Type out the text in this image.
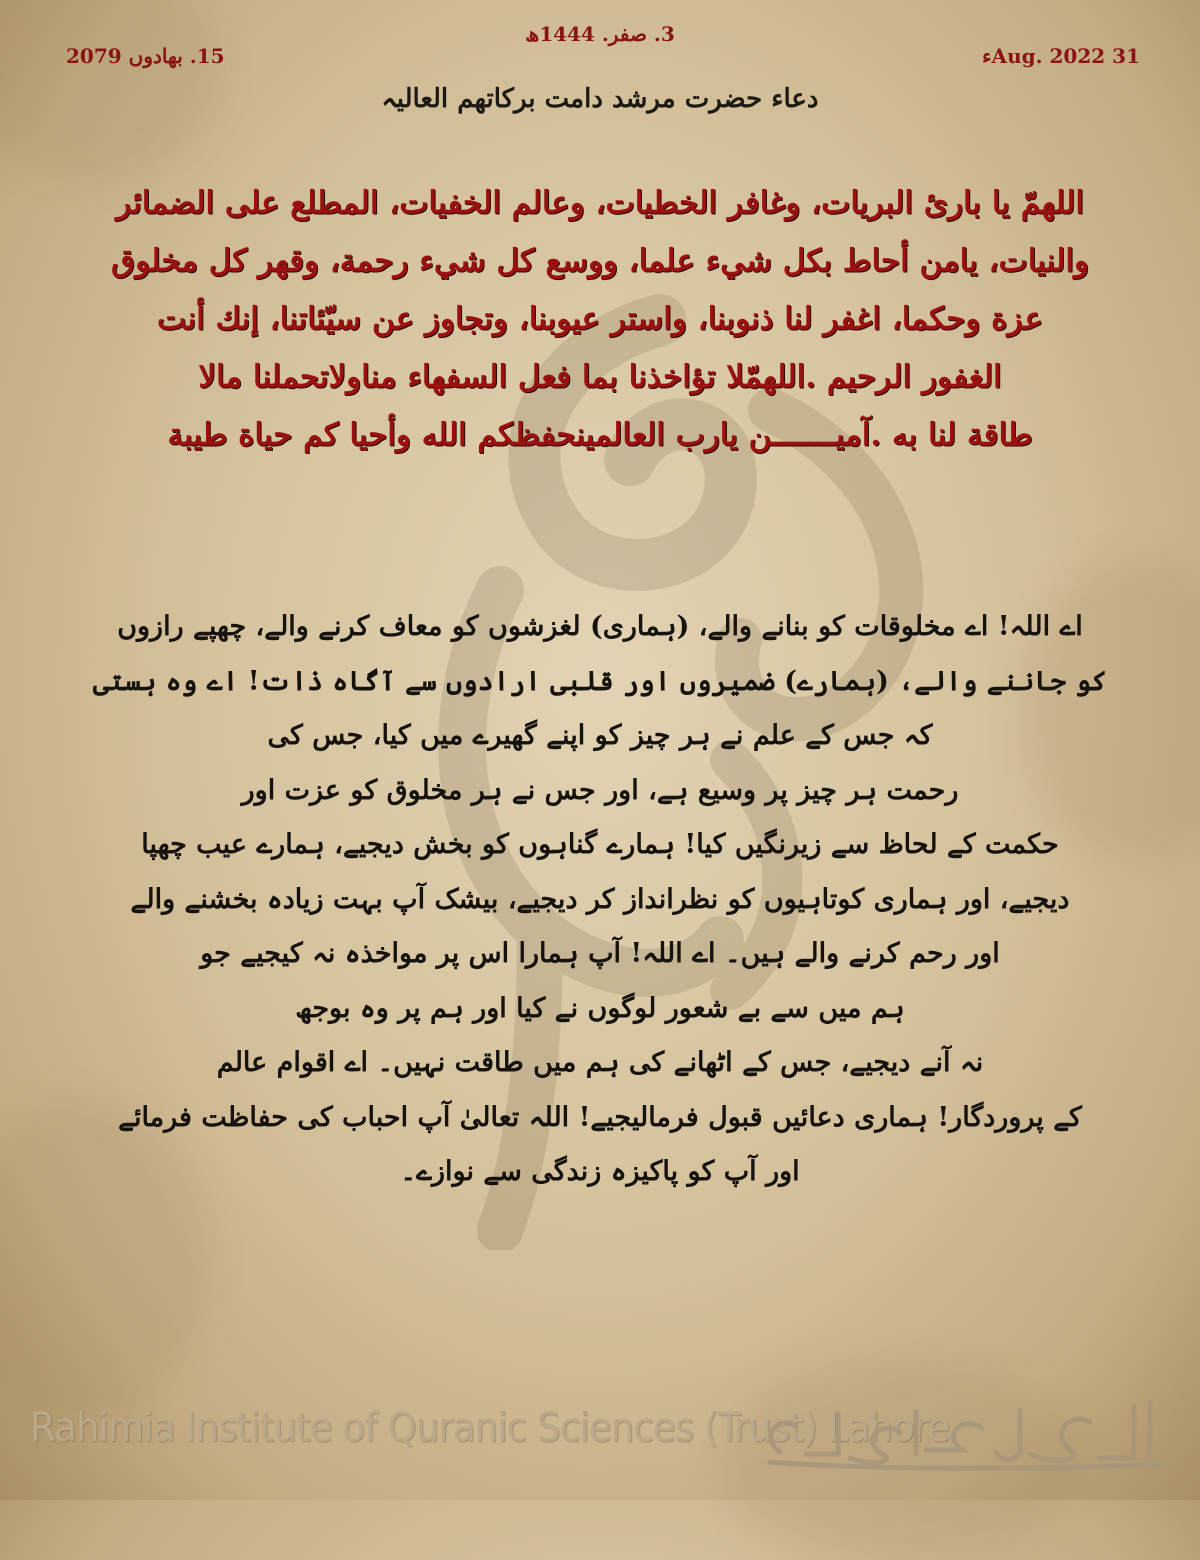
3. صفر. 1444ھ
15. بھادوں 2079	31 Aug. 2022ء
دعاء حضرت مرشد دامت برکاتھم العالیہ

اللهمّ یا بارئ البریات، وغافر الخطیات، وعالم الخفیات، المطلع علی الضمائر

والنیات، یامن أحاط بکل شيء علما، ووسع کل شيء رحمة، وقهر کل مخلوق

عزة وحکما، اغفر لنا ذنوبنا، واستر عیوبنا، وتجاوز عن سیّئاتنا، إنك أنت

الغفور الرحیم .اللهمّلا تؤاخذنا بما فعل السفهاء مناولاتحملنا مالا

طاقة لنا به .آمیـــــــن یارب العالمینحفظکم الله وأحیا کم حیاة طیبة

اے اللہ! اے مخلوقات کو بنانے والے، (ہماری) لغزشوں کو معاف کرنے والے، چھپے رازوں

کو جاننے والے، (ہمارے) ضمیروں اور قلبی ارادوں سے آگاہ ذات! اے وہ ہستی

کہ جس کے علم نے ہر چیز کو اپنے گھیرے میں کیا، جس کی

رحمت ہر چیز پر وسیع ہے، اور جس نے ہر مخلوق کو عزت اور

حکمت کے لحاظ سے زیرنگیں کیا! ہمارے گناہوں کو بخش دیجیے، ہمارے عیب چھپا

دیجیے، اور ہماری کوتاہیوں کو نظرانداز کر دیجیے، بیشک آپ بہت زیادہ بخشنے والے

اور رحم کرنے والے ہیں۔ اے اللہ! آپ ہمارا اس پر مواخذہ نہ کیجیے جو

ہم میں سے بے شعور لوگوں نے کیا اور ہم پر وہ بوجھ

نہ آنے دیجیے، جس کے اٹھانے کی ہم میں طاقت نہیں۔ اے اقوام عالم

کے پروردگار! ہماری دعائیں قبول فرمالیجیے! اللہ تعالیٰ آپ احباب کی حفاظت فرمائے

اور آپ کو پاکیزہ زندگی سے نوازے۔

Rahimia Institute of Quranic Sciences (Trust) Lahore
